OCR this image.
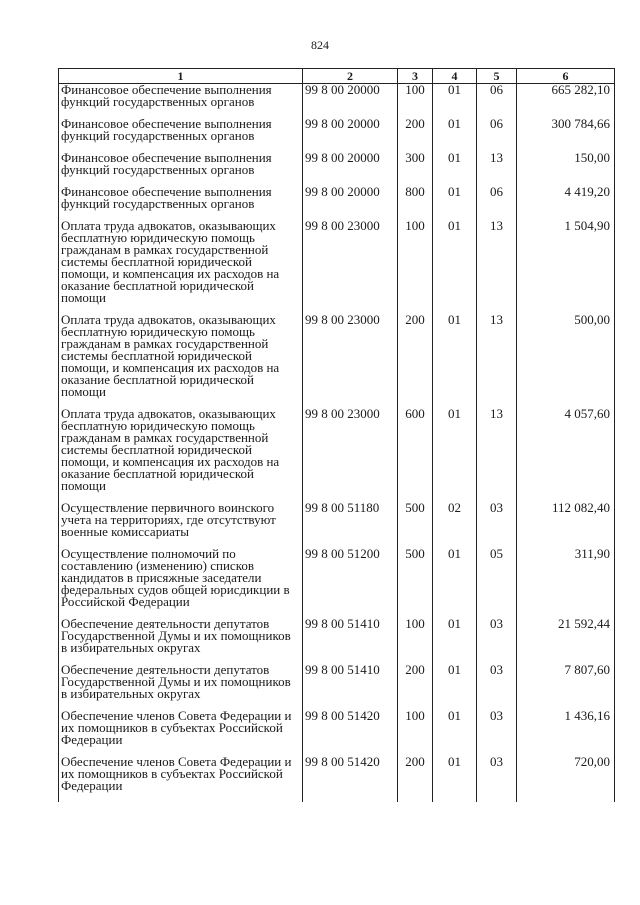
824
1	2	3	4	5	6
Финансовое обеспечение выполнения функций государственных органов	99 8 00 20000	100	01	06	665 282,10
Финансовое обеспечение выполнения функций государственных органов	99 8 00 20000	200	01	06	300 784,66
Финансовое обеспечение выполнения функций государственных органов	99 8 00 20000	300	01	13	150,00
Финансовое обеспечение выполнения функций государственных органов	99 8 00 20000	800	01	06	4 419,20
Оплата труда адвокатов, оказывающих бесплатную юридическую помощь гражданам в рамках государственной системы бесплатной юридической помощи, и компенсация их расходов на оказание бесплатной юридической помощи	99 8 00 23000	100	01	13	1 504,90
Оплата труда адвокатов, оказывающих бесплатную юридическую помощь гражданам в рамках государственной системы бесплатной юридической помощи, и компенсация их расходов на оказание бесплатной юридической помощи	99 8 00 23000	200	01	13	500,00
Оплата труда адвокатов, оказывающих бесплатную юридическую помощь гражданам в рамках государственной системы бесплатной юридической помощи, и компенсация их расходов на оказание бесплатной юридической помощи	99 8 00 23000	600	01	13	4 057,60
Осуществление первичного воинского учета на территориях, где отсутствуют военные комиссариаты	99 8 00 51180	500	02	03	112 082,40
Осуществление полномочий по составлению (изменению) списков кандидатов в присяжные заседатели федеральных судов общей юрисдикции в Российской Федерации	99 8 00 51200	500	01	05	311,90
Обеспечение деятельности депутатов Государственной Думы и их помощников в избирательных округах	99 8 00 51410	100	01	03	21 592,44
Обеспечение деятельности депутатов Государственной Думы и их помощников в избирательных округах	99 8 00 51410	200	01	03	7 807,60
Обеспечение членов Совета Федерации и их помощников в субъектах Российской Федерации	99 8 00 51420	100	01	03	1 436,16
Обеспечение членов Совета Федерации и их помощников в субъектах Российской Федерации	99 8 00 51420	200	01	03	720,00
